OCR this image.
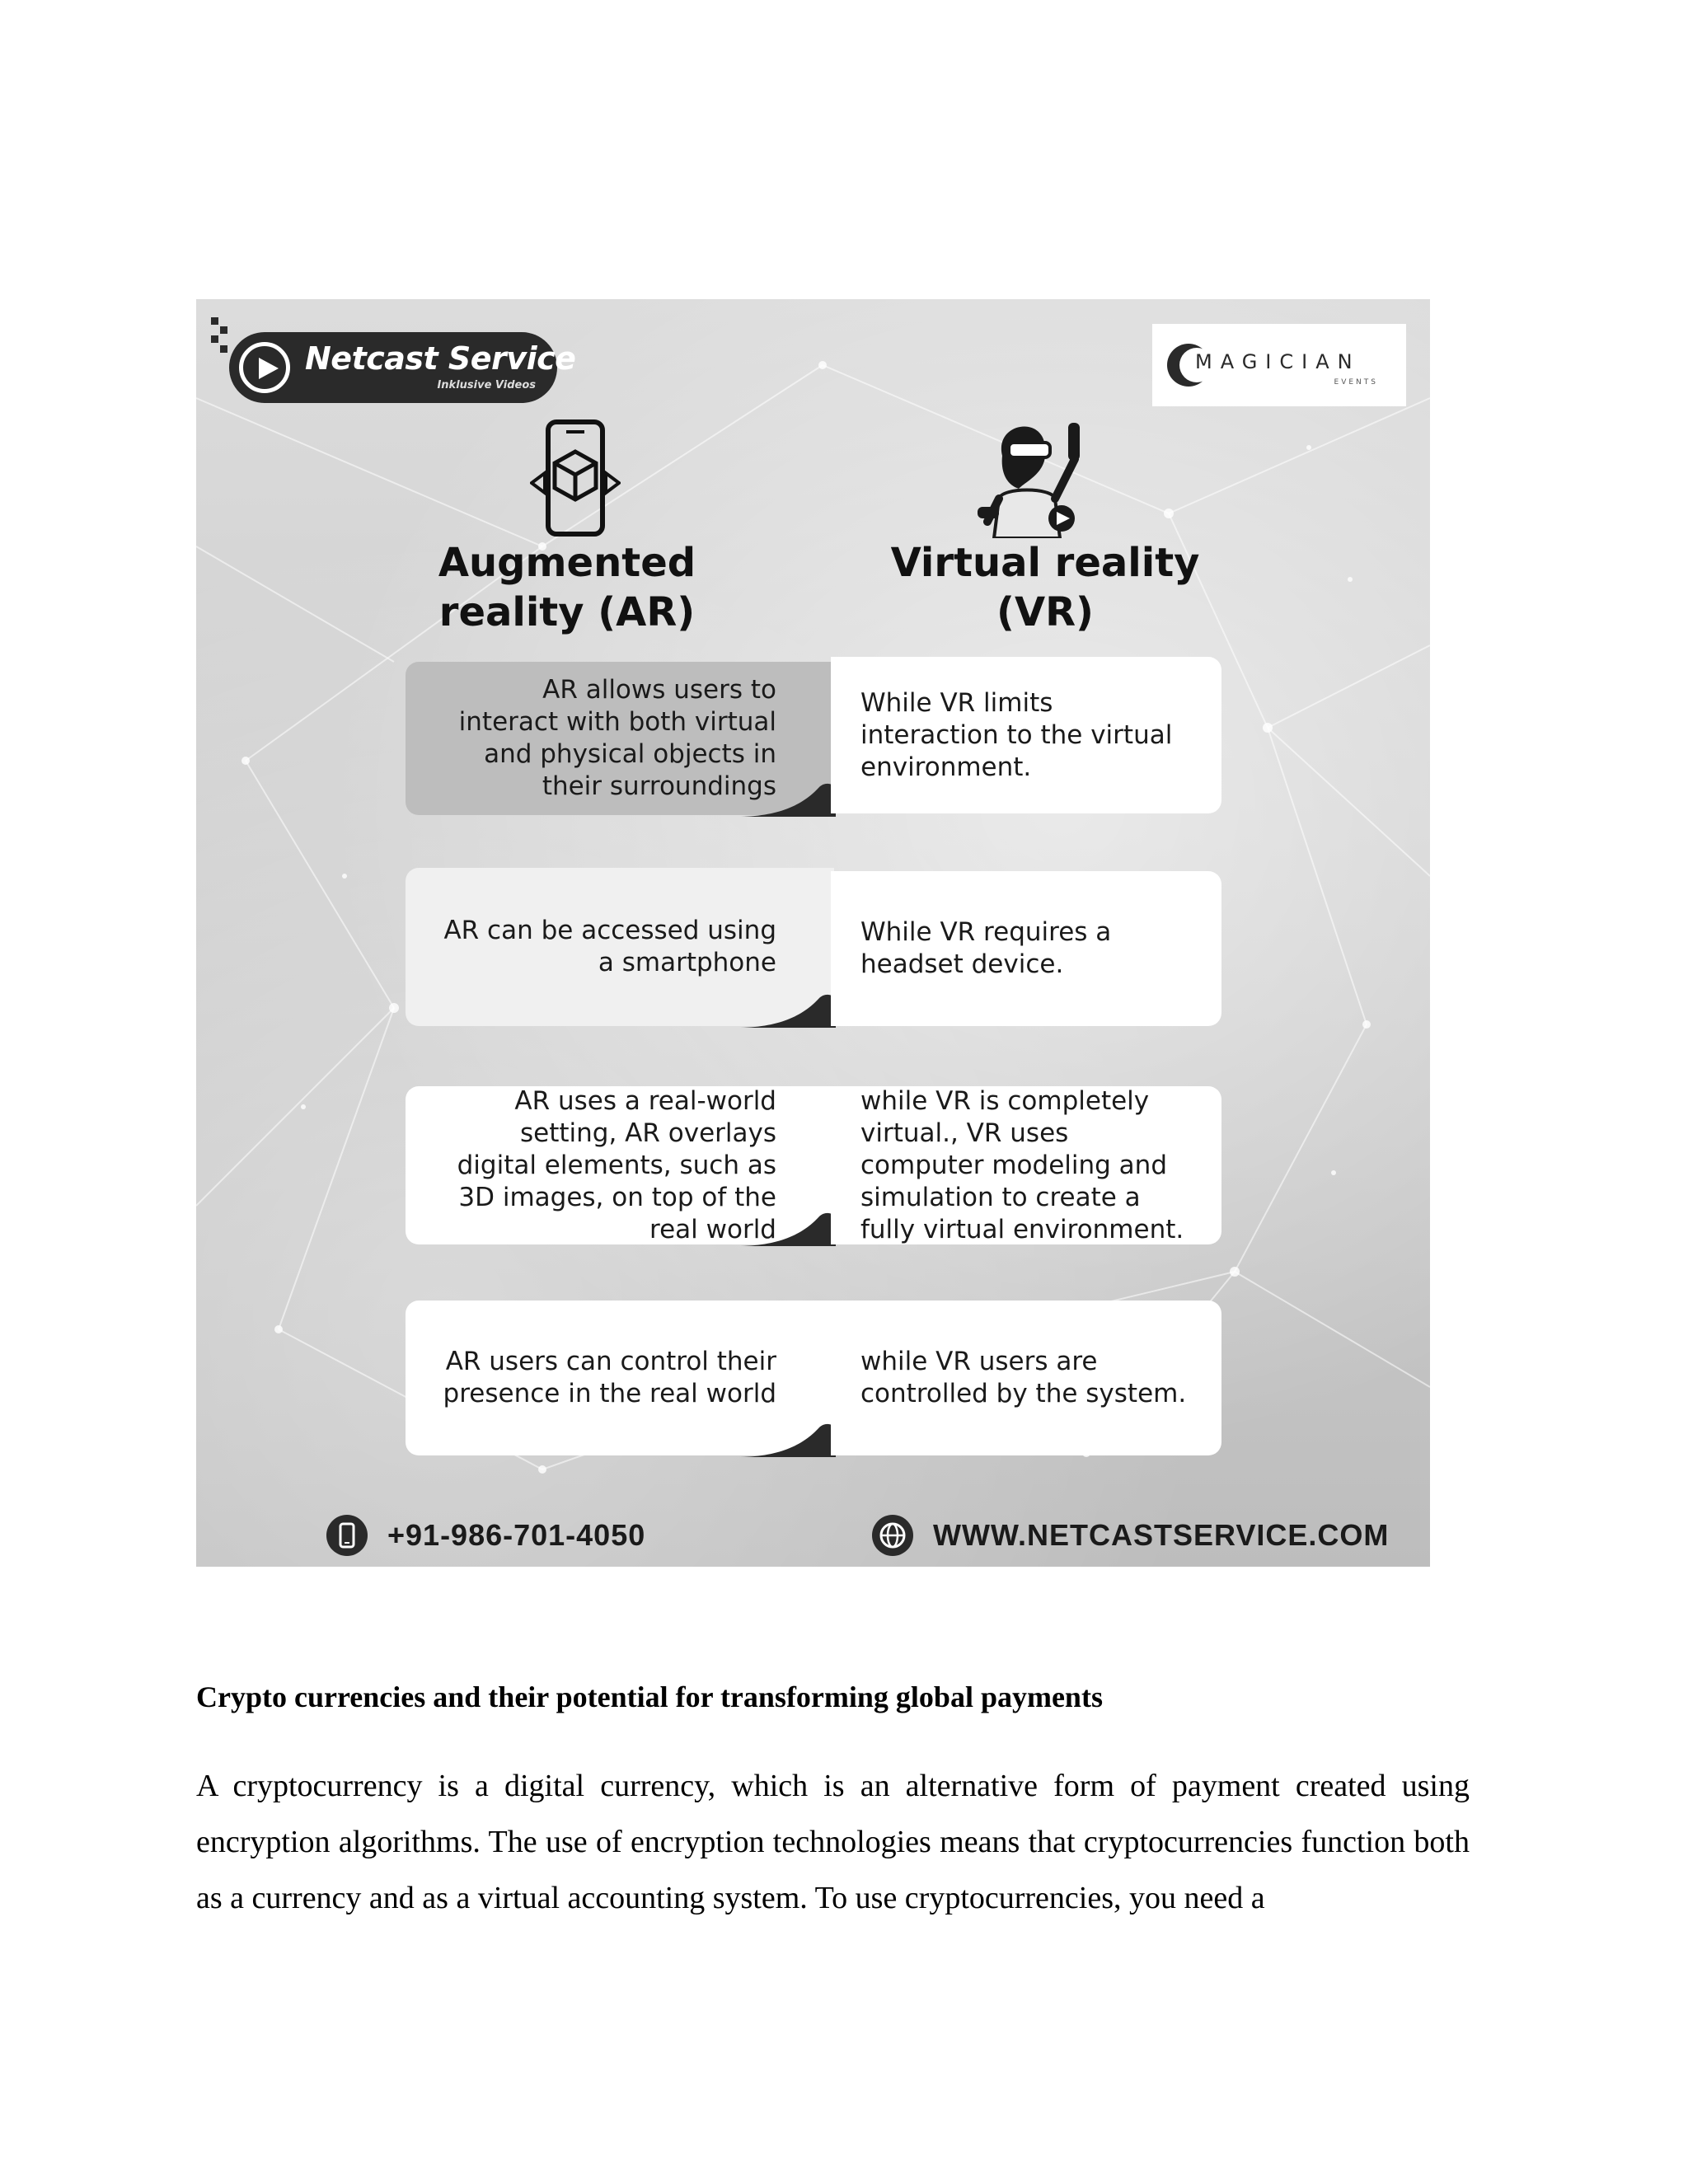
Netcast Service
Inklusive Videos
MAGICIAN
EVENTS
Augmented reality (AR)
Virtual reality (VR)
AR allows users to interact with both virtual and physical objects in their surroundings
While VR limits interaction to the virtual environment.
AR can be accessed using a smartphone
While VR requires a headset device.
AR uses a real-world setting, AR overlays digital elements, such as 3D images, on top of the real world
while VR is completely virtual., VR uses computer modeling and simulation to create a fully virtual environment.
AR users can control their presence in the real world
while VR users are controlled by the system.
+91-986-701-4050	WWW.NETCASTSERVICE.COM
Crypto currencies and their potential for transforming global payments

A cryptocurrency is a digital currency, which is an alternative form of payment created using encryption algorithms. The use of encryption technologies means that cryptocurrencies function both as a currency and as a virtual accounting system. To use cryptocurrencies, you need a
